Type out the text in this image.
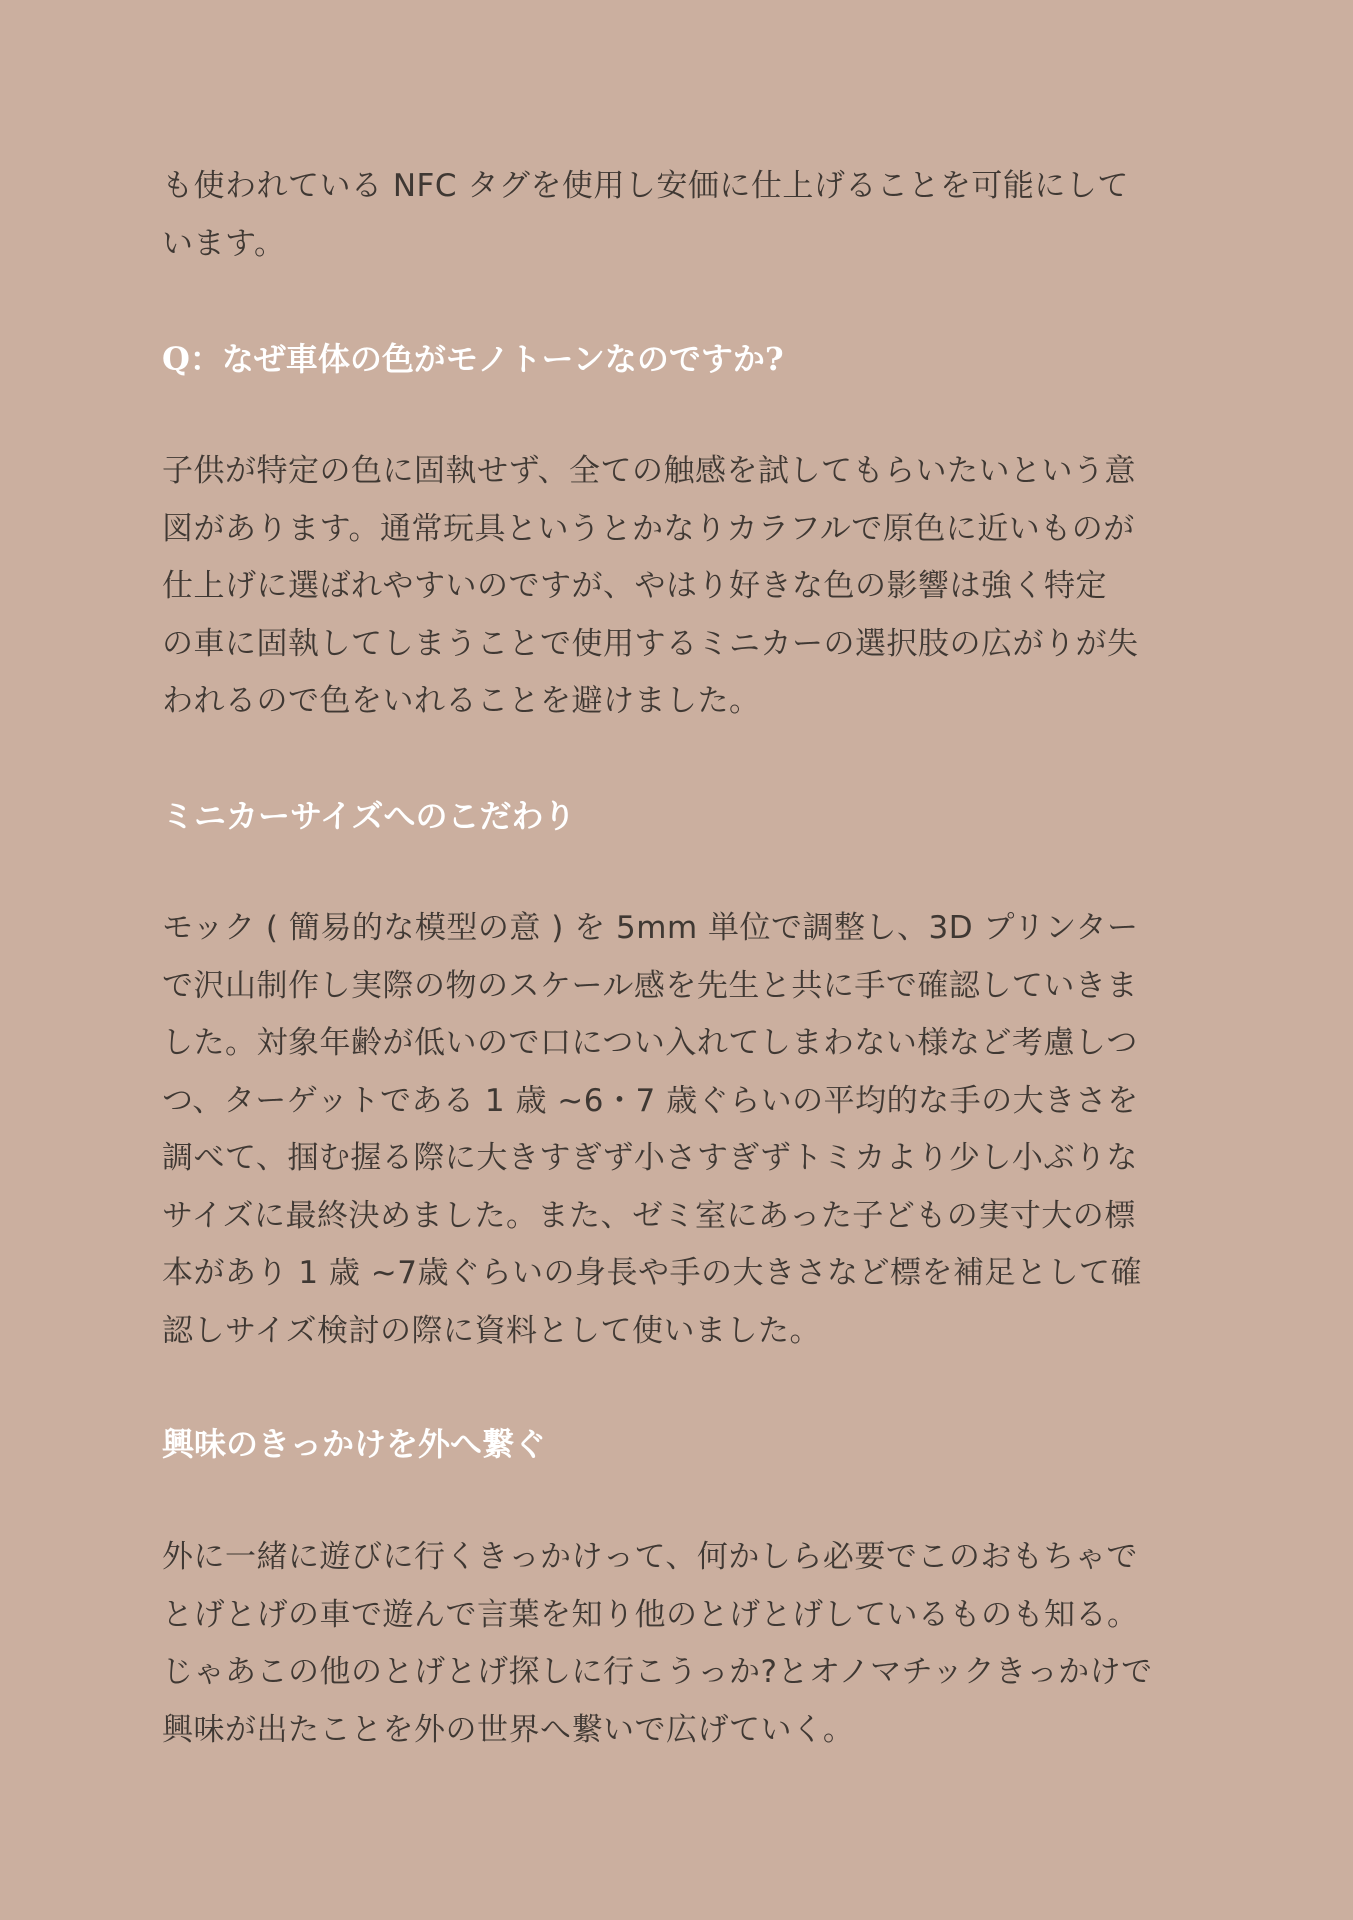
も使われている NFC タグを使用し安価に仕上げることを可能にして
います。

Q：なぜ車体の色がモノトーンなのですか?

子供が特定の色に固執せず、全ての触感を試してもらいたいという意
図があります。通常玩具というとかなりカラフルで原色に近いものが
仕上げに選ばれやすいのですが、やはり好きな色の影響は強く特定
の車に固執してしまうことで使用するミニカーの選択肢の広がりが失
われるので色をいれることを避けました。

ミニカーサイズへのこだわり

モック ( 簡易的な模型の意 ) を 5mm 単位で調整し、3D プリンター
で沢山制作し実際の物のスケール感を先生と共に手で確認していきま
した。対象年齢が低いので口につい入れてしまわない様など考慮しつ
つ、ターゲットである 1 歳 ~6・7 歳ぐらいの平均的な手の大きさを
調べて、掴む握る際に大きすぎず小さすぎずトミカより少し小ぶりな
サイズに最終決めました。また、ゼミ室にあった子どもの実寸大の標
本があり 1 歳 ~7歳ぐらいの身長や手の大きさなど標を補足として確
認しサイズ検討の際に資料として使いました。

興味のきっかけを外へ繋ぐ

外に一緒に遊びに行くきっかけって、何かしら必要でこのおもちゃで
とげとげの車で遊んで言葉を知り他のとげとげしているものも知る。
じゃあこの他のとげとげ探しに行こうっか?とオノマチックきっかけで
興味が出たことを外の世界へ繋いで広げていく。
